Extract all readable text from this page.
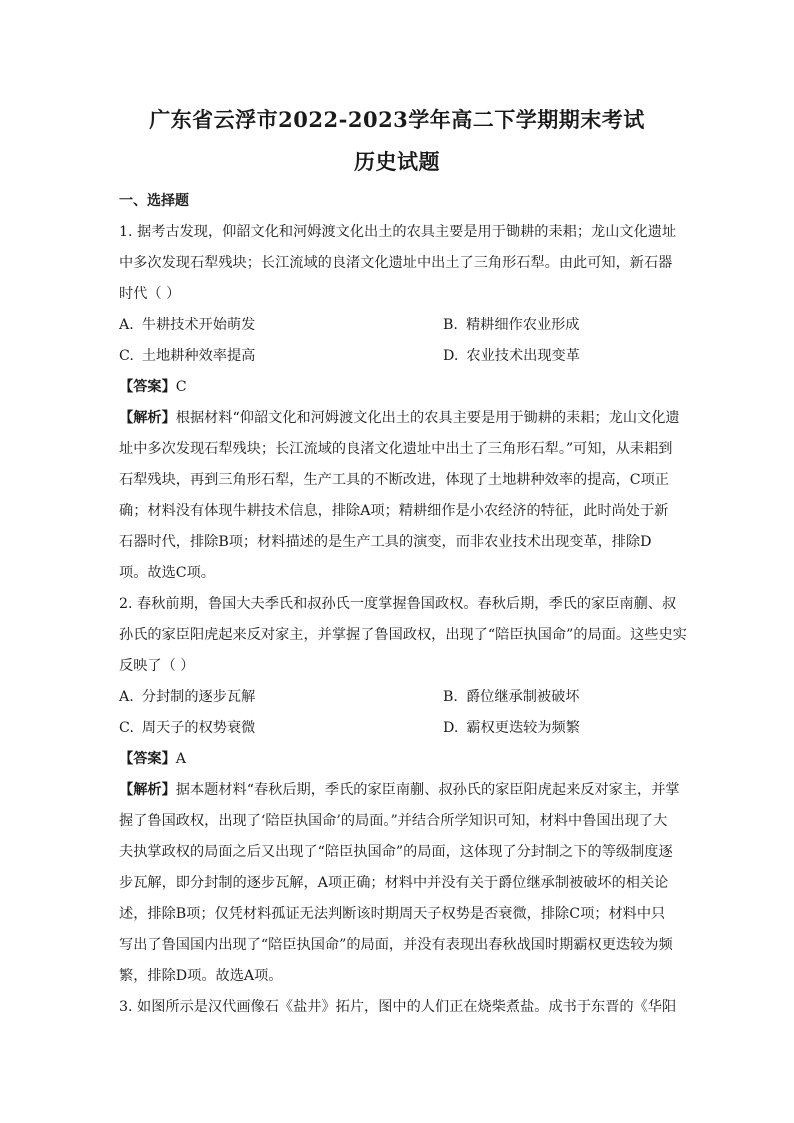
广东省云浮市2022-2023学年高二下学期期末考试
历史试题
一、选择题
1. 据考古发现，仰韶文化和河姆渡文化出土的农具主要是用于锄耕的耒耜；龙山文化遗址
中多次发现石犁残块；长江流域的良渚文化遗址中出土了三角形石犁。由此可知，新石器
时代（ ）
A. 牛耕技术开始萌发	B. 精耕细作农业形成
C. 土地耕种效率提高	D. 农业技术出现变革
【答案】C
【解析】根据材料“仰韶文化和河姆渡文化出土的农具主要是用于锄耕的耒耜；龙山文化遗
址中多次发现石犁残块；长江流域的良渚文化遗址中出土了三角形石犁。”可知，从耒耜到
石犁残块，再到三角形石犁，生产工具的不断改进，体现了土地耕种效率的提高，C项正
确；材料没有体现牛耕技术信息，排除A项；精耕细作是小农经济的特征，此时尚处于新
石器时代，排除B项；材料描述的是生产工具的演变，而非农业技术出现变革，排除D
项。故选C项。
2. 春秋前期，鲁国大夫季氏和叔孙氏一度掌握鲁国政权。春秋后期，季氏的家臣南蒯、叔
孙氏的家臣阳虎起来反对家主，并掌握了鲁国政权，出现了“陪臣执国命”的局面。这些史实
反映了（ ）
A. 分封制的逐步瓦解	B. 爵位继承制被破坏
C. 周天子的权势衰微	D. 霸权更迭较为频繁
【答案】A
【解析】据本题材料“春秋后期，季氏的家臣南蒯、叔孙氏的家臣阳虎起来反对家主，并掌
握了鲁国政权，出现了‘陪臣执国命’的局面。”并结合所学知识可知，材料中鲁国出现了大
夫执掌政权的局面之后又出现了“陪臣执国命”的局面，这体现了分封制之下的等级制度逐
步瓦解，即分封制的逐步瓦解，A项正确；材料中并没有关于爵位继承制被破坏的相关论
述，排除B项；仅凭材料孤证无法判断该时期周天子权势是否衰微，排除C项；材料中只
写出了鲁国国内出现了“陪臣执国命”的局面，并没有表现出春秋战国时期霸权更迭较为频
繁，排除D项。故选A项。
3. 如图所示是汉代画像石《盐井》拓片，图中的人们正在烧柴煮盐。成书于东晋的《华阳
